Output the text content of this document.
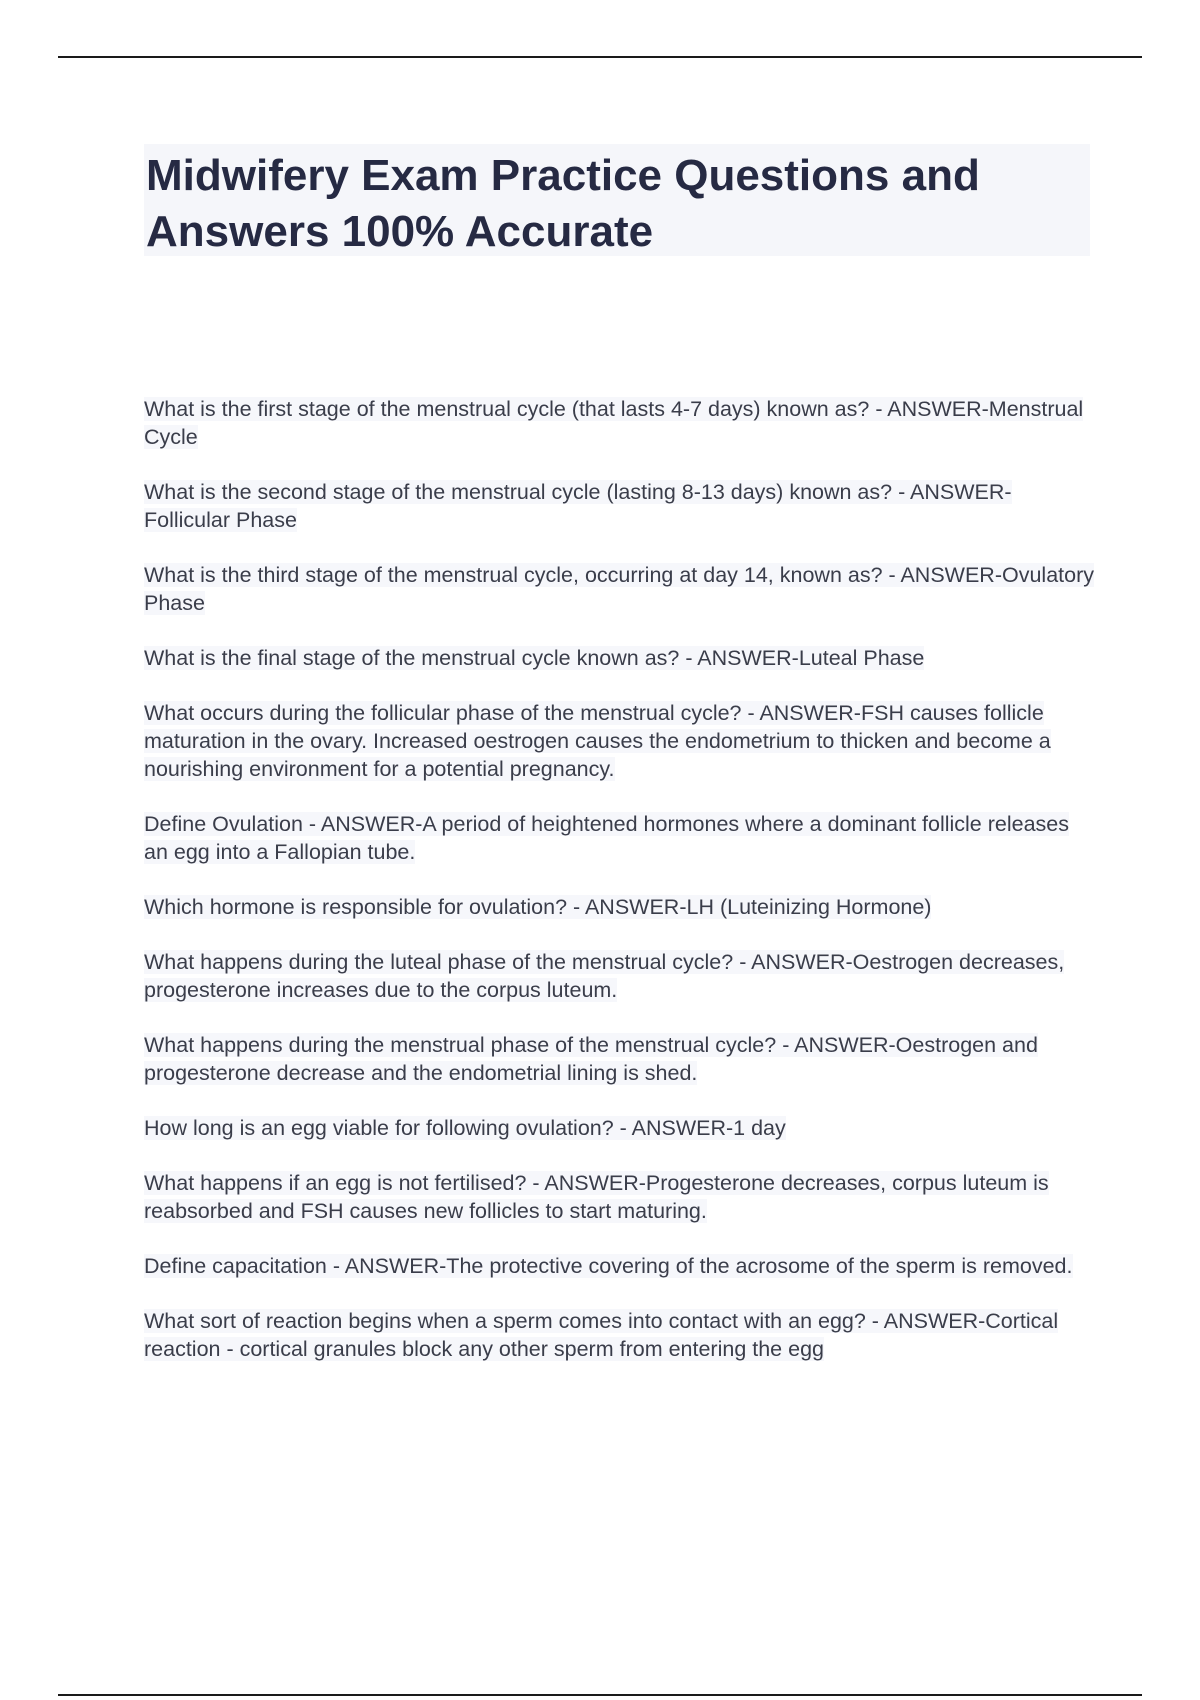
Midwifery Exam Practice Questions and Answers 100% Accurate

What is the first stage of the menstrual cycle (that lasts 4-7 days) known as? - ANSWER-Menstrual Cycle

What is the second stage of the menstrual cycle (lasting 8-13 days) known as? - ANSWER-Follicular Phase

What is the third stage of the menstrual cycle, occurring at day 14, known as? - ANSWER-Ovulatory Phase

What is the final stage of the menstrual cycle known as? - ANSWER-Luteal Phase

What occurs during the follicular phase of the menstrual cycle? - ANSWER-FSH causes follicle maturation in the ovary. Increased oestrogen causes the endometrium to thicken and become a nourishing environment for a potential pregnancy.

Define Ovulation - ANSWER-A period of heightened hormones where a dominant follicle releases an egg into a Fallopian tube.

Which hormone is responsible for ovulation? - ANSWER-LH (Luteinizing Hormone)

What happens during the luteal phase of the menstrual cycle? - ANSWER-Oestrogen decreases, progesterone increases due to the corpus luteum.

What happens during the menstrual phase of the menstrual cycle? - ANSWER-Oestrogen and progesterone decrease and the endometrial lining is shed.

How long is an egg viable for following ovulation? - ANSWER-1 day

What happens if an egg is not fertilised? - ANSWER-Progesterone decreases, corpus luteum is reabsorbed and FSH causes new follicles to start maturing.

Define capacitation - ANSWER-The protective covering of the acrosome of the sperm is removed.

What sort of reaction begins when a sperm comes into contact with an egg? - ANSWER-Cortical reaction - cortical granules block any other sperm from entering the egg
